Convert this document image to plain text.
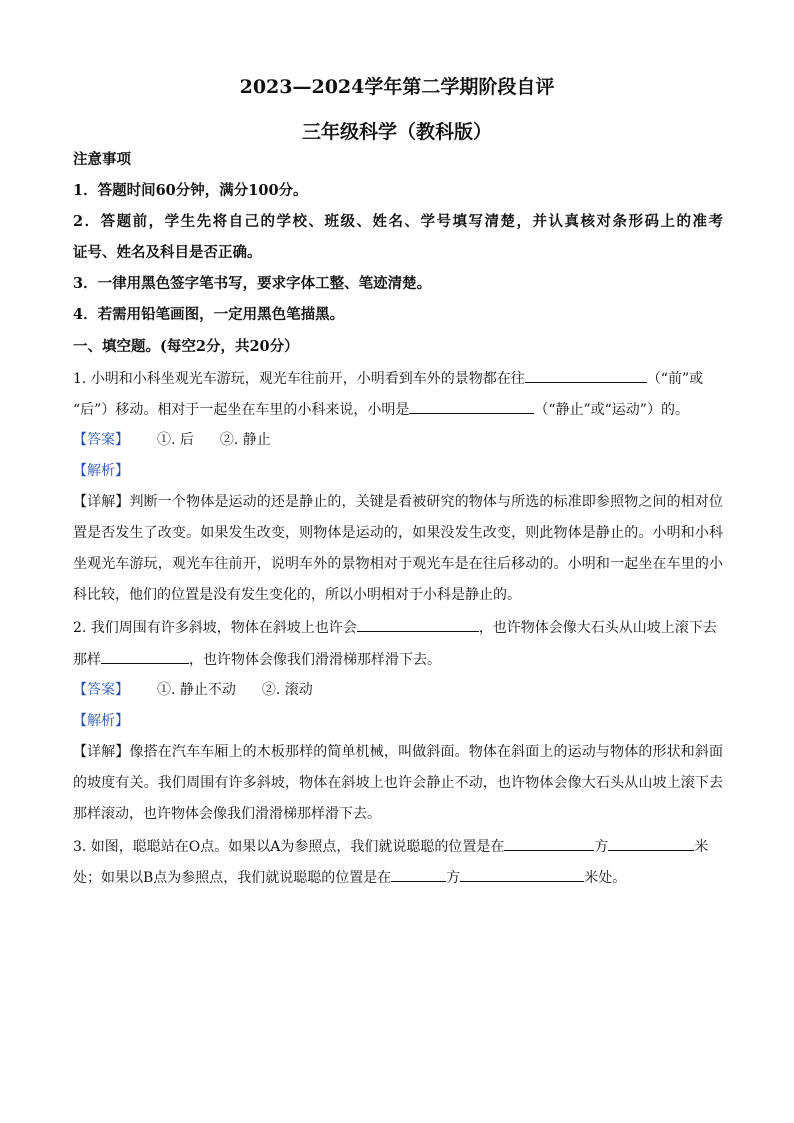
2023—2024学年第二学期阶段自评
三年级科学（教科版）
注意事项
1．答题时间60分钟，满分100分。
2．答题前，学生先将自己的学校、班级、姓名、学号填写清楚，并认真核对条形码上的准考
证号、姓名及科目是否正确。
3．一律用黑色签字笔书写，要求字体工整、笔迹清楚。
4．若需用铅笔画图，一定用黑色笔描黑。
一、填空题。(每空2分，共20分）
1. 小明和小科坐观光车游玩，观光车往前开，小明看到车外的景物都在往	（“前”或
“后”）移动。相对于一起坐在车里的小科来说，小明是	（“静止”或“运动”）的。
【答案】 ①. 后 ②. 静止
【解析】
【详解】判断一个物体是运动的还是静止的，关键是看被研究的物体与所选的标准即参照物之间的相对位
置是否发生了改变。如果发生改变，则物体是运动的，如果没发生改变，则此物体是静止的。小明和小科
坐观光车游玩，观光车往前开，说明车外的景物相对于观光车是在往后移动的。小明和一起坐在车里的小
科比较，他们的位置是没有发生变化的，所以小明相对于小科是静止的。
2. 我们周围有许多斜坡，物体在斜坡上也许会	，也许物体会像大石头从山坡上滚下去
那样	，也许物体会像我们滑滑梯那样滑下去。
【答案】 ①. 静止不动 ②. 滚动
【解析】
【详解】像搭在汽车车厢上的木板那样的简单机械，叫做斜面。物体在斜面上的运动与物体的形状和斜面
的坡度有关。我们周围有许多斜坡，物体在斜坡上也许会静止不动，也许物体会像大石头从山坡上滚下去
那样滚动，也许物体会像我们滑滑梯那样滑下去。
3. 如图，聪聪站在O点。如果以A为参照点，我们就说聪聪的位置是在	方	米
处；如果以B点为参照点，我们就说聪聪的位置是在	方	米处。
